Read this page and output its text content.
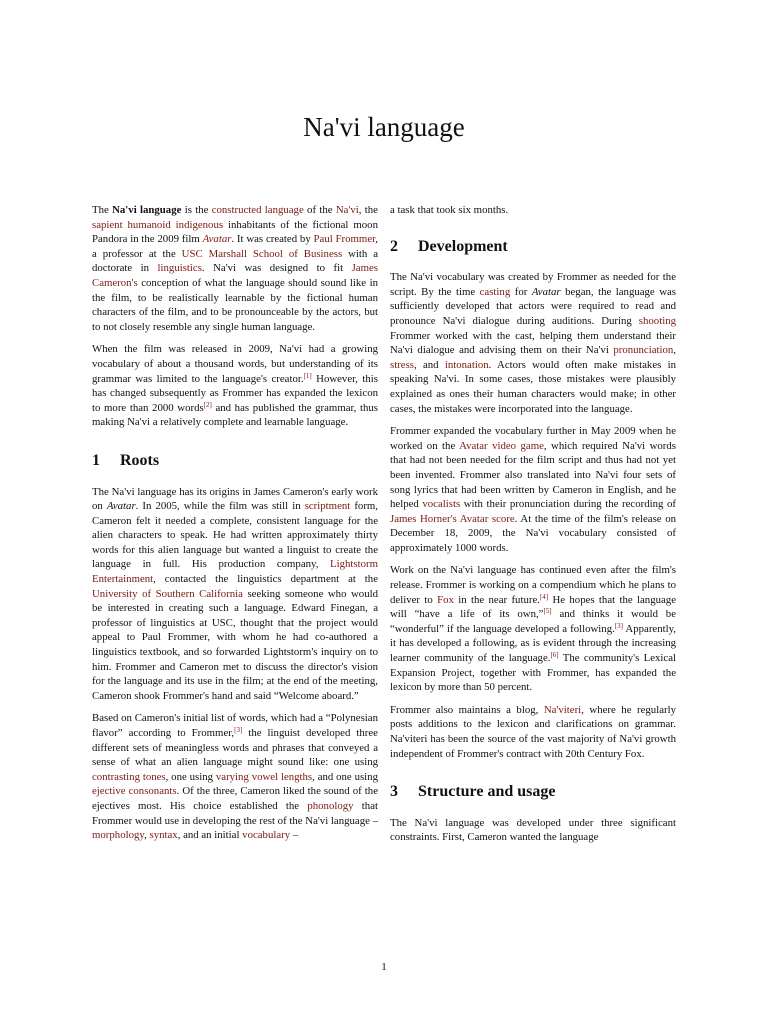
Na'vi language

The Na'vi language is the constructed language of the Na'vi, the sapient humanoid indigenous inhabitants of the fictional moon Pandora in the 2009 film Avatar. It was created by Paul Frommer, a professor at the USC Marshall School of Business with a doctorate in linguistics. Na'vi was designed to fit James Cameron's conception of what the language should sound like in the film, to be realistically learnable by the fictional human characters of the film, and to be pronounceable by the actors, but to not closely resemble any single human language.

When the film was released in 2009, Na'vi had a growing vocabulary of about a thousand words, but understanding of its grammar was limited to the language's creator.[1] However, this has changed subsequently as Frommer has expanded the lexicon to more than 2000 words[2] and has published the grammar, thus making Na'vi a relatively complete and learnable language.

1 Roots

The Na'vi language has its origins in James Cameron's early work on Avatar. In 2005, while the film was still in scriptment form, Cameron felt it needed a complete, consistent language for the alien characters to speak. He had written approximately thirty words for this alien language but wanted a linguist to create the language in full. His production company, Lightstorm Entertainment, contacted the linguistics department at the University of Southern California seeking someone who would be interested in creating such a language. Edward Finegan, a professor of linguistics at USC, thought that the project would appeal to Paul Frommer, with whom he had co-authored a linguistics textbook, and so forwarded Lightstorm's inquiry on to him. Frommer and Cameron met to discuss the director's vision for the language and its use in the film; at the end of the meeting, Cameron shook Frommer's hand and said “Welcome aboard.”

Based on Cameron's initial list of words, which had a “Polynesian flavor” according to Frommer,[3] the linguist developed three different sets of meaningless words and phrases that conveyed a sense of what an alien language might sound like: one using contrasting tones, one using varying vowel lengths, and one using ejective consonants. Of the three, Cameron liked the sound of the ejectives most. His choice established the phonology that Frommer would use in developing the rest of the Na'vi language – morphology, syntax, and an initial vocabulary –

a task that took six months.

2 Development

The Na'vi vocabulary was created by Frommer as needed for the script. By the time casting for Avatar began, the language was sufficiently developed that actors were required to read and pronounce Na'vi dialogue during auditions. During shooting Frommer worked with the cast, helping them understand their Na'vi dialogue and advising them on their Na'vi pronunciation, stress, and intonation. Actors would often make mistakes in speaking Na'vi. In some cases, those mistakes were plausibly explained as ones their human characters would make; in other cases, the mistakes were incorporated into the language.

Frommer expanded the vocabulary further in May 2009 when he worked on the Avatar video game, which required Na'vi words that had not been needed for the film script and thus had not yet been invented. Frommer also translated into Na'vi four sets of song lyrics that had been written by Cameron in English, and he helped vocalists with their pronunciation during the recording of James Horner's Avatar score. At the time of the film's release on December 18, 2009, the Na'vi vocabulary consisted of approximately 1000 words.

Work on the Na'vi language has continued even after the film's release. Frommer is working on a compendium which he plans to deliver to Fox in the near future.[4] He hopes that the language will “have a life of its own,”[5] and thinks it would be “wonderful” if the language developed a following.[3] Apparently, it has developed a following, as is evident through the increasing learner community of the language.[6] The community's Lexical Expansion Project, together with Frommer, has expanded the lexicon by more than 50 percent.

Frommer also maintains a blog, Na'viteri, where he regularly posts additions to the lexicon and clarifications on grammar. Na'viteri has been the source of the vast majority of Na'vi growth independent of Frommer's contract with 20th Century Fox.

3 Structure and usage

The Na'vi language was developed under three significant constraints. First, Cameron wanted the language

1
